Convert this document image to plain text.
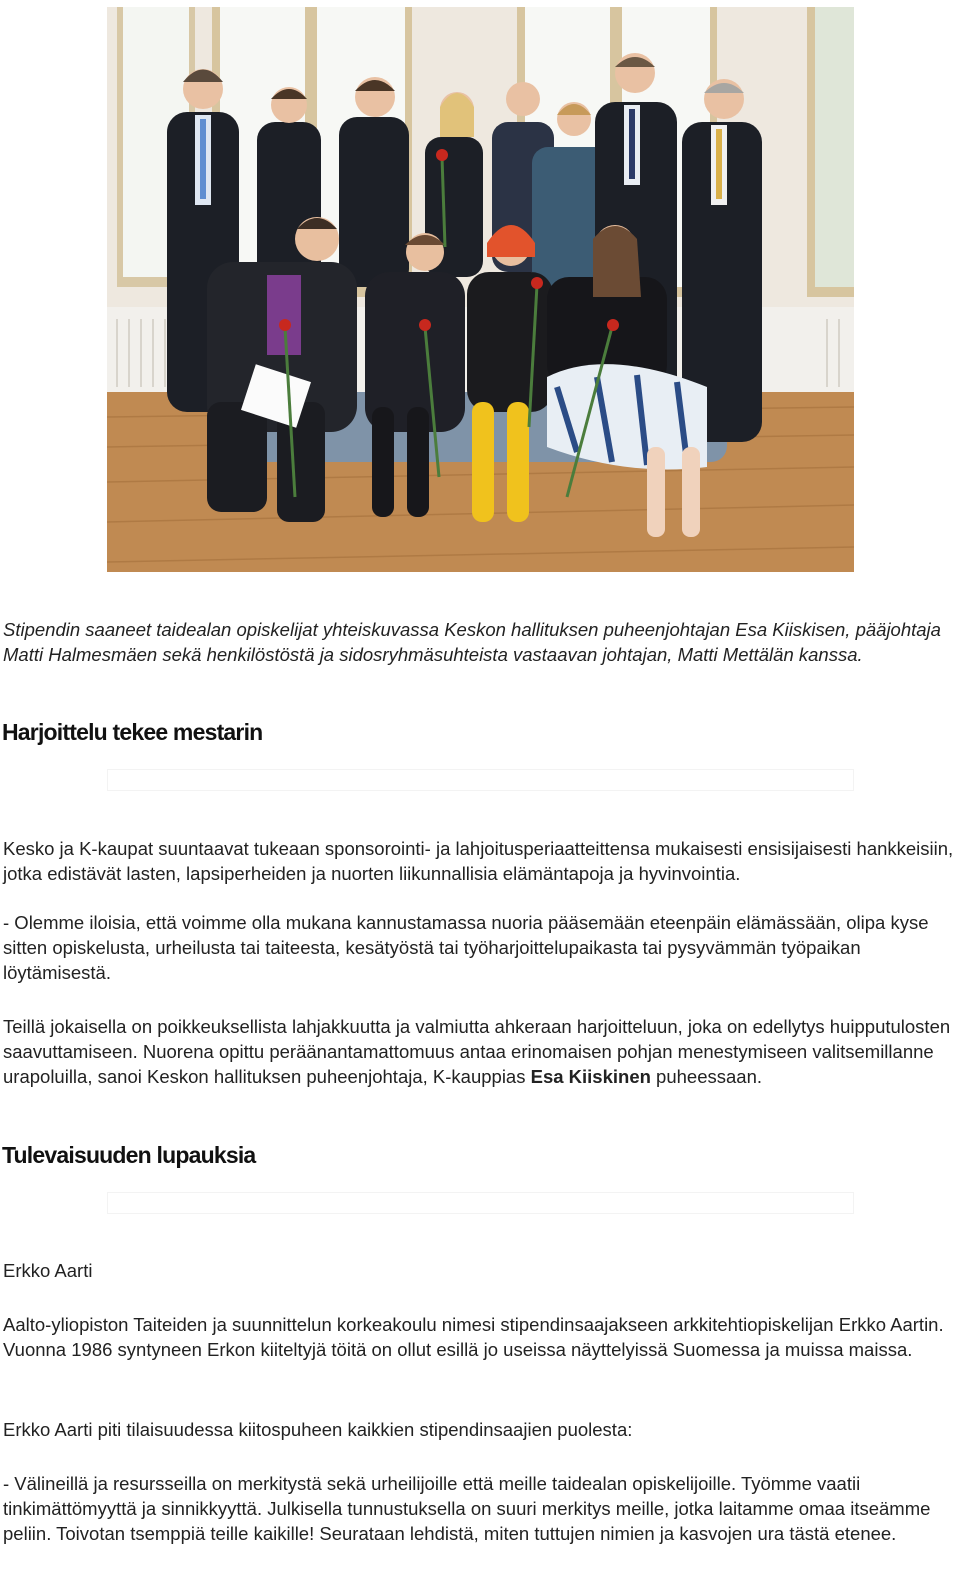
Stipendin saaneet taidealan opiskelijat yhteiskuvassa Keskon hallituksen puheenjohtajan Esa Kiiskisen, pääjohtaja Matti Halmesmäen sekä henkilöstöstä ja sidosryhmäsuhteista vastaavan johtajan, Matti Mettälän kanssa.
Harjoittelu tekee mestarin

Kesko ja K-kaupat suuntaavat tukeaan sponsorointi- ja lahjoitusperiaatteittensa mukaisesti ensisijaisesti hankkeisiin, jotka edistävät lasten, lapsiperheiden ja nuorten liikunnallisia elämäntapoja ja hyvinvointia.

- Olemme iloisia, että voimme olla mukana kannustamassa nuoria pääsemään eteenpäin elämässään, olipa kyse sitten opiskelusta, urheilusta tai taiteesta, kesätyöstä tai työharjoittelupaikasta tai pysyvämmän työpaikan löytämisestä.

Teillä jokaisella on poikkeuksellista lahjakkuutta ja valmiutta ahkeraan harjoitteluun, joka on edellytys huipputulosten saavuttamiseen. Nuorena opittu peräänantamattomuus antaa erinomaisen pohjan menestymiseen valitsemillanne urapoluilla, sanoi Keskon hallituksen puheenjohtaja, K-kauppias Esa Kiiskinen puheessaan.

Tulevaisuuden lupauksia

Erkko Aarti

Aalto-yliopiston Taiteiden ja suunnittelun korkeakoulu nimesi stipendinsaajakseen arkkitehtiopiskelijan Erkko Aartin. Vuonna 1986 syntyneen Erkon kiiteltyjä töitä on ollut esillä jo useissa näyttelyissä Suomessa ja muissa maissa.

Erkko Aarti piti tilaisuudessa kiitospuheen kaikkien stipendinsaajien puolesta:

- Välineillä ja resursseilla on merkitystä sekä urheilijoille että meille taidealan opiskelijoille. Työmme vaatii tinkimättömyyttä ja sinnikkyyttä. Julkisella tunnustuksella on suuri merkitys meille, jotka laitamme omaa itseämme peliin. Toivotan tsemppiä teille kaikille! Seurataan lehdistä, miten tuttujen nimien ja kasvojen ura tästä etenee.
